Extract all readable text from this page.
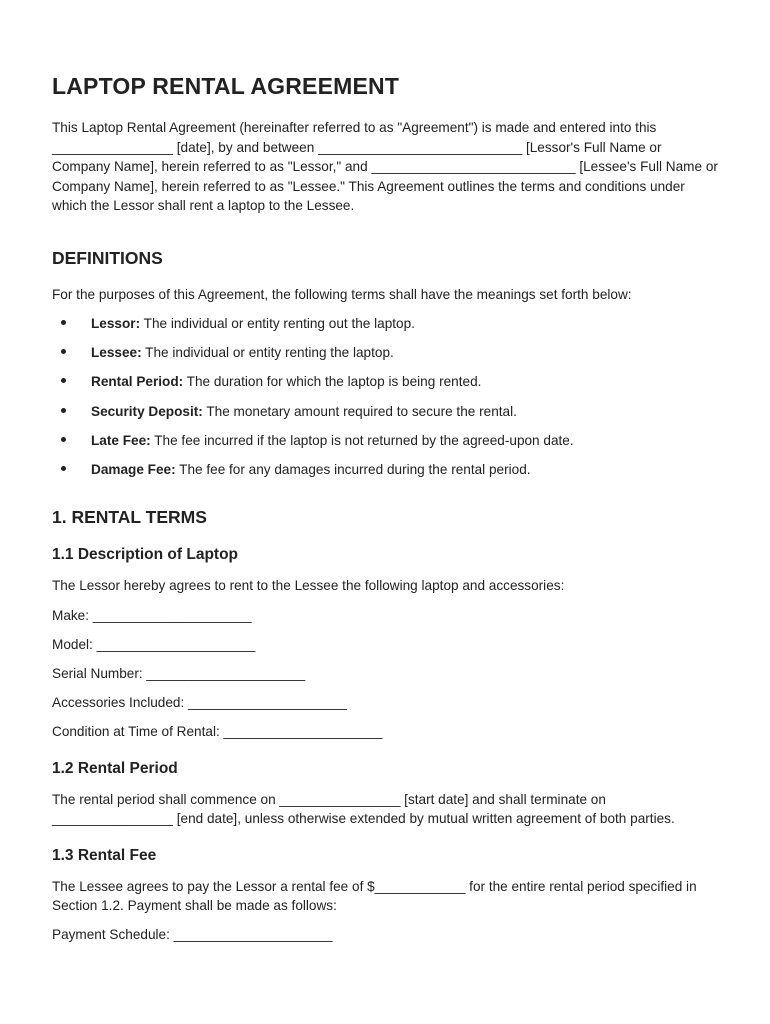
LAPTOP RENTAL AGREEMENT

This Laptop Rental Agreement (hereinafter referred to as "Agreement") is made and entered into this ________________ [date], by and between ___________________________ [Lessor's Full Name or Company Name], herein referred to as "Lessor," and ___________________________ [Lessee's Full Name or Company Name], herein referred to as "Lessee." This Agreement outlines the terms and conditions under which the Lessor shall rent a laptop to the Lessee.

DEFINITIONS

For the purposes of this Agreement, the following terms shall have the meanings set forth below:

Lessor: The individual or entity renting out the laptop.
Lessee: The individual or entity renting the laptop.
Rental Period: The duration for which the laptop is being rented.
Security Deposit: The monetary amount required to secure the rental.
Late Fee: The fee incurred if the laptop is not returned by the agreed-upon date.
Damage Fee: The fee for any damages incurred during the rental period.
1. RENTAL TERMS
1.1 Description of Laptop

The Lessor hereby agrees to rent to the Lessee the following laptop and accessories:

Make: _____________________

Model: _____________________

Serial Number: _____________________

Accessories Included: _____________________

Condition at Time of Rental: _____________________

1.2 Rental Period

The rental period shall commence on ________________ [start date] and shall terminate on ________________ [end date], unless otherwise extended by mutual written agreement of both parties.

1.3 Rental Fee

The Lessee agrees to pay the Lessor a rental fee of $____________ for the entire rental period specified in Section 1.2. Payment shall be made as follows:

Payment Schedule: _____________________
